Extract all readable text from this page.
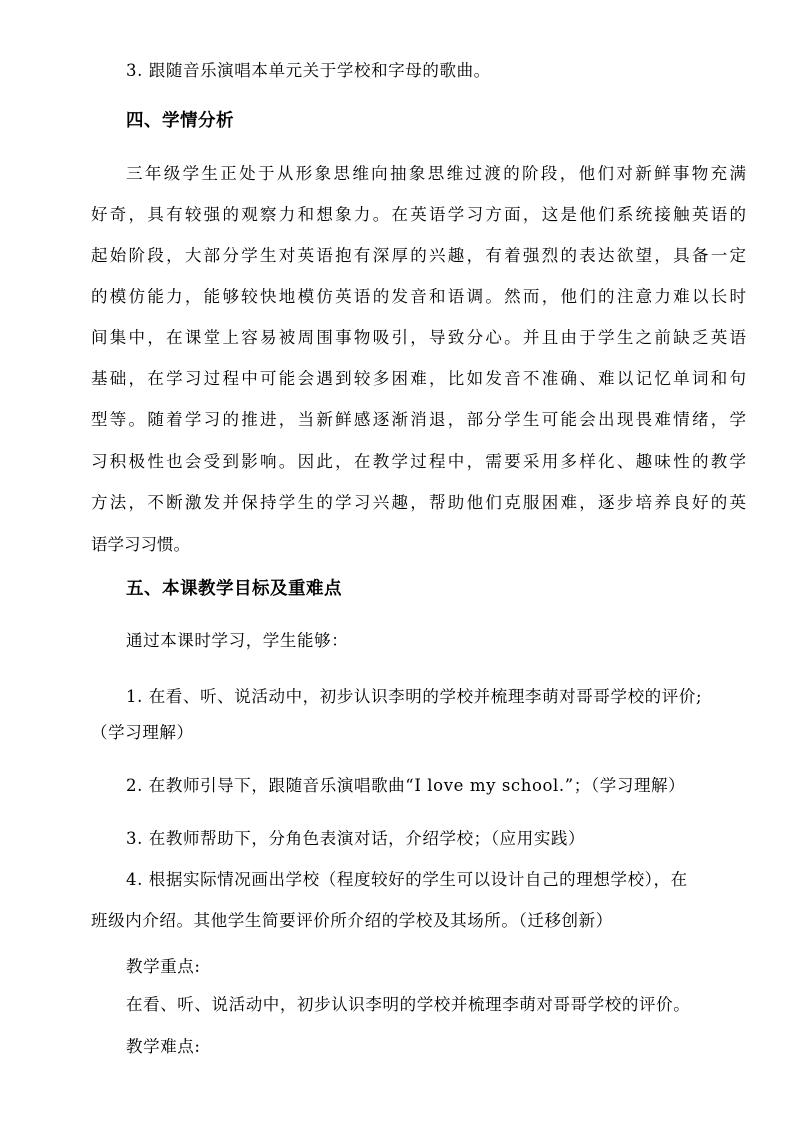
3. 跟随音乐演唱本单元关于学校和字母的歌曲。
四、学情分析
三年级学生正处于从形象思维向抽象思维过渡的阶段，他们对新鲜事物充满
好奇，具有较强的观察力和想象力。在英语学习方面，这是他们系统接触英语的
起始阶段，大部分学生对英语抱有深厚的兴趣，有着强烈的表达欲望，具备一定
的模仿能力，能够较快地模仿英语的发音和语调。然而，他们的注意力难以长时
间集中，在课堂上容易被周围事物吸引，导致分心。并且由于学生之前缺乏英语
基础，在学习过程中可能会遇到较多困难，比如发音不准确、难以记忆单词和句
型等。随着学习的推进，当新鲜感逐渐消退，部分学生可能会出现畏难情绪，学
习积极性也会受到影响。因此，在教学过程中，需要采用多样化、趣味性的教学
方法，不断激发并保持学生的学习兴趣，帮助他们克服困难，逐步培养良好的英
语学习习惯。
五、本课教学目标及重难点
通过本课时学习，学生能够：
1. 在看、听、说活动中，初步认识李明的学校并梳理李萌对哥哥学校的评价;
（学习理解）
2. 在教师引导下，跟随音乐演唱歌曲“I love my school.”；（学习理解）
3. 在教师帮助下，分角色表演对话，介绍学校；（应用实践）
4. 根据实际情况画出学校（程度较好的学生可以设计自己的理想学校），在
班级内介绍。其他学生简要评价所介绍的学校及其场所。（迁移创新）
教学重点:
在看、听、说活动中，初步认识李明的学校并梳理李萌对哥哥学校的评价。
教学难点:
